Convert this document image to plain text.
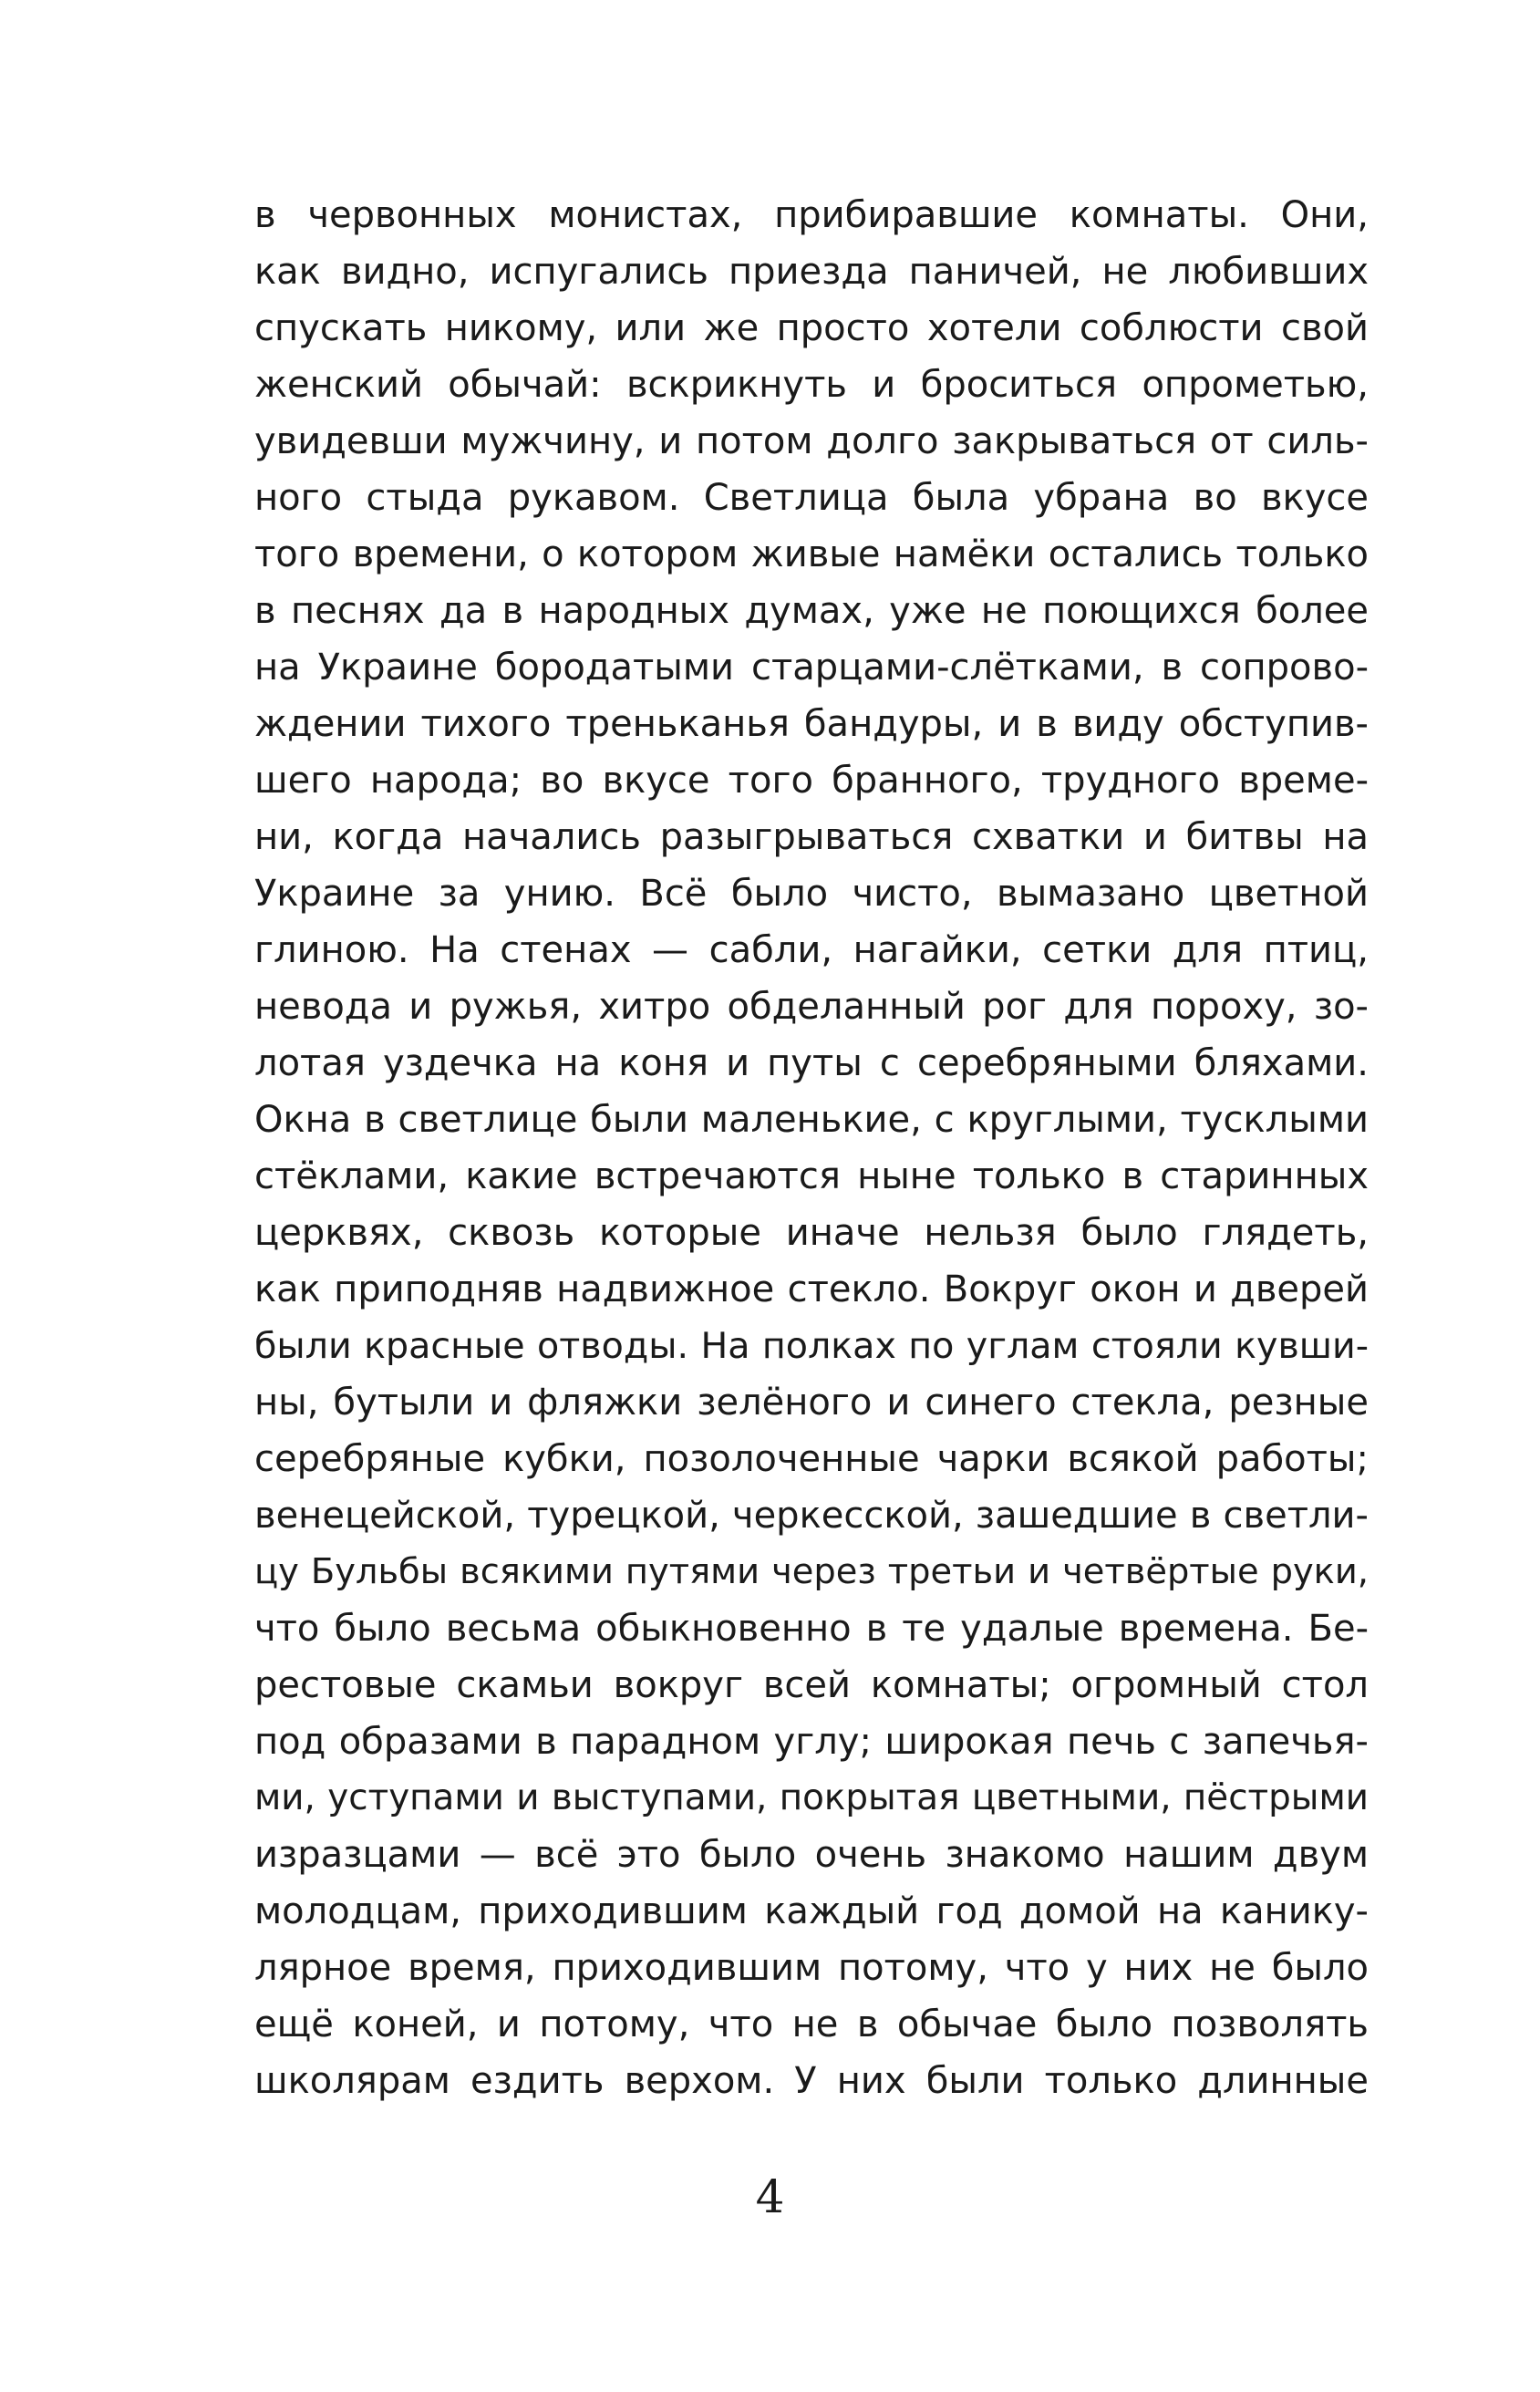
в червонных монистах, прибиравшие комнаты. Они,
как видно, испугались приезда паничей, не любивших
спускать никому, или же просто хотели соблюсти свой
женский обычай: вскрикнуть и броситься опрометью,
увидевши мужчину, и потом долго закрываться от силь-
ного стыда рукавом. Светлица была убрана во вкусе
того времени, о котором живые намёки остались только
в песнях да в народных думах, уже не поющихся более
на Украине бородатыми старцами-слётками, в сопрово-
ждении тихого треньканья бандуры, и в виду обступив-
шего народа; во вкусе того бранного, трудного време-
ни, когда начались разыгрываться схватки и битвы на
Украине за унию. Всё было чисто, вымазано цветной
глиною. На стенах — сабли, нагайки, сетки для птиц,
невода и ружья, хитро обделанный рог для пороху, зо-
лотая уздечка на коня и путы с серебряными бляхами.
Окна в светлице были маленькие, с круглыми, тусклыми
стёклами, какие встречаются ныне только в старинных
церквях, сквозь которые иначе нельзя было глядеть,
как приподняв надвижное стекло. Вокруг окон и дверей
были красные отводы. На полках по углам стояли кувши-
ны, бутыли и фляжки зелёного и синего стекла, резные
серебряные кубки, позолоченные чарки всякой работы;
венецейской, турецкой, черкесской, зашедшие в светли-
цу Бульбы всякими путями через третьи и четвёртые руки,
что было весьма обыкновенно в те удалые времена. Бе-
рестовые скамьи вокруг всей комнаты; огромный стол
под образами в парадном углу; широкая печь с запечья-
ми, уступами и выступами, покрытая цветными, пёстрыми
изразцами — всё это было очень знакомо нашим двум
молодцам, приходившим каждый год домой на канику-
лярное время, приходившим потому, что у них не было
ещё коней, и потому, что не в обычае было позволять
школярам ездить верхом. У них были только длинные
4
